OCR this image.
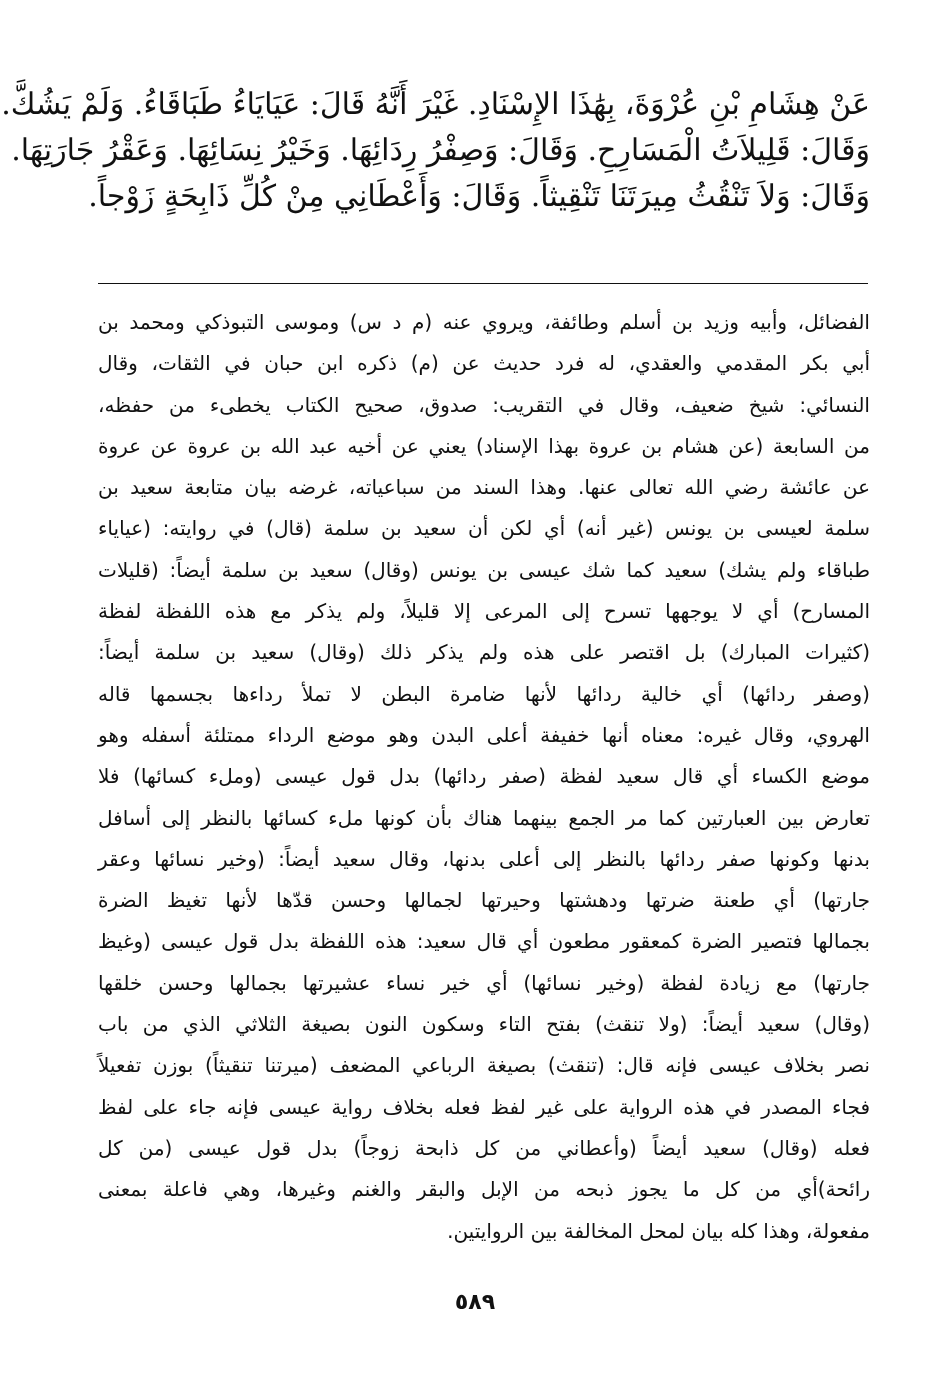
عَنْ هِشَامِ بْنِ عُرْوَةَ، بِهَٰذَا الإِسْنَادِ. غَيْرَ أَنَّهُ قَالَ: عَيَايَاءُ طَبَاقَاءُ. وَلَمْ يَشُكَّ.
وَقَالَ: قَلِيلاَتُ الْمَسَارِحِ. وَقَالَ: وَصِفْرُ رِدَائِهَا. وَخَيْرُ نِسَائِهَا. وَعَقْرُ جَارَتِهَا.
وَقَالَ: وَلاَ تَنْقُثُ مِيرَتَنَا تَنْقِيثاً. وَقَالَ: وَأَعْطَانِي مِنْ كُلِّ ذَابِحَةٍ زَوْجاً.
الفضائل، وأبيه وزيد بن أسلم وطائفة، ويروي عنه (م د س) وموسى التبوذكي ومحمد بن
أبي بكر المقدمي والعقدي، له فرد حديث عن (م) ذكره ابن حبان في الثقات، وقال
النسائي: شيخ ضعيف، وقال في التقريب: صدوق، صحيح الكتاب يخطىء من حفظه،
من السابعة (عن هشام بن عروة بهذا الإسناد) يعني عن أخيه عبد الله بن عروة عن عروة
عن عائشة رضي الله تعالى عنها. وهذا السند من سباعياته، غرضه بيان متابعة سعيد بن
سلمة لعيسى بن يونس (غير أنه) أي لكن أن سعيد بن سلمة (قال) في روايته: (عياياء
طباقاء ولم يشك) سعيد كما شك عيسى بن يونس (وقال) سعيد بن سلمة أيضاً: (قليلات
المسارح) أي لا يوجهها تسرح إلى المرعى إلا قليلاً، ولم يذكر مع هذه اللفظة لفظة
(كثيرات المبارك) بل اقتصر على هذه ولم يذكر ذلك (وقال) سعيد بن سلمة أيضاً:
(وصفر ردائها) أي خالية ردائها لأنها ضامرة البطن لا تملأ رداءها بجسمها قاله
الهروي، وقال غيره: معناه أنها خفيفة أعلى البدن وهو موضع الرداء ممتلئة أسفله وهو
موضع الكساء أي قال سعيد لفظة (صفر ردائها) بدل قول عيسى (وملء كسائها) فلا
تعارض بين العبارتين كما مر الجمع بينهما هناك بأن كونها ملء كسائها بالنظر إلى أسافل
بدنها وكونها صفر ردائها بالنظر إلى أعلى بدنها، وقال سعيد أيضاً: (وخير نسائها وعقر
جارتها) أي طعنة ضرتها ودهشتها وحيرتها لجمالها وحسن قدّها لأنها تغيظ الضرة
بجمالها فتصير الضرة كمعقور مطعون أي قال سعيد: هذه اللفظة بدل قول عيسى (وغيظ
جارتها) مع زيادة لفظة (وخير نسائها) أي خير نساء عشيرتها بجمالها وحسن خلقها
(وقال) سعيد أيضاً: (ولا تنقث) بفتح التاء وسكون النون بصيغة الثلاثي الذي من باب
نصر بخلاف عيسى فإنه قال: (تنقث) بصيغة الرباعي المضعف (ميرتنا تنقيثاً) بوزن تفعيلاً
فجاء المصدر في هذه الرواية على غير لفظ فعله بخلاف رواية عيسى فإنه جاء على لفظ
فعله (وقال) سعيد أيضاً (وأعطاني من كل ذابحة زوجاً) بدل قول عيسى (من كل
رائحة)أي من كل ما يجوز ذبحه من الإبل والبقر والغنم وغيرها، وهي فاعلة بمعنى
مفعولة، وهذا كله بيان لمحل المخالفة بين الروايتين.
٥٨٩
